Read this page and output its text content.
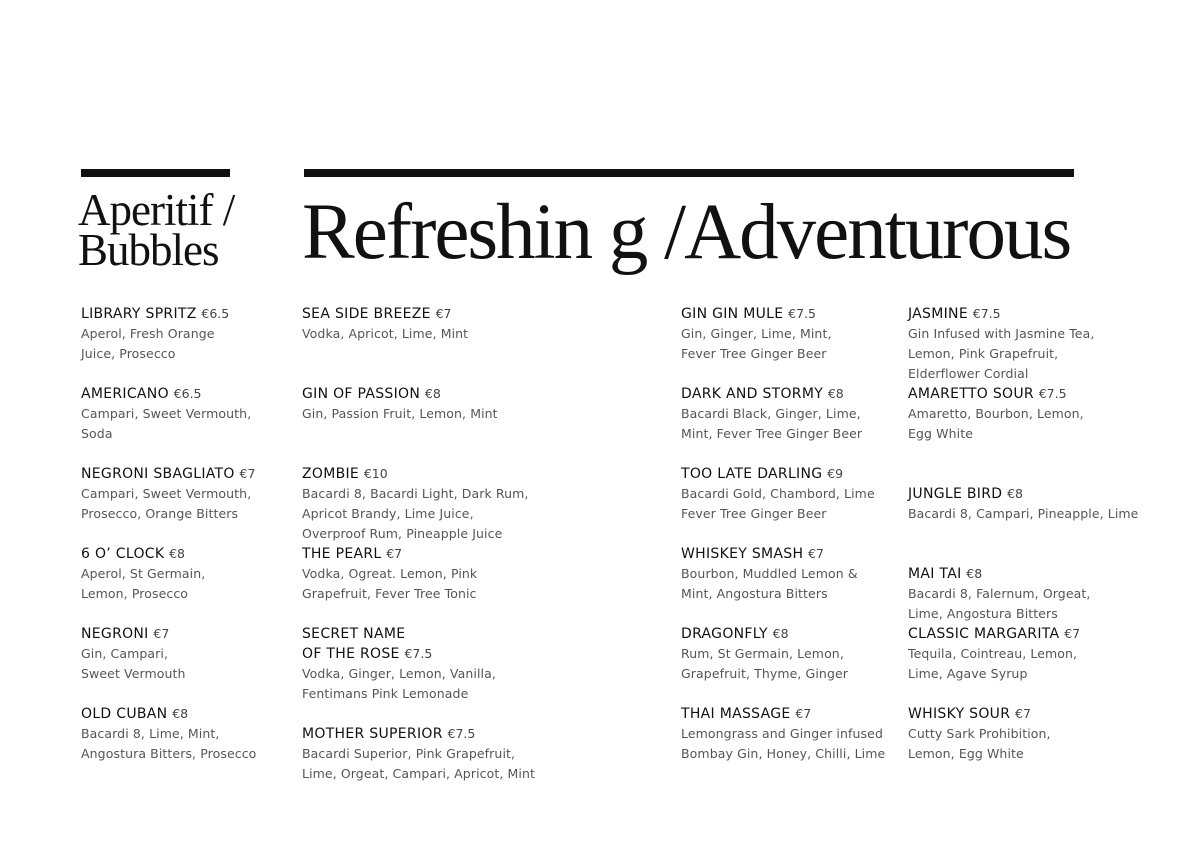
Aperitif /
Bubbles Refreshin g /Adventurous
LIBRARY SPRITZ €6.5
Aperol, Fresh Orange
Juice, Prosecco
AMERICANO €6.5
Campari, Sweet Vermouth,
Soda
NEGRONI SBAGLIATO €7
Campari, Sweet Vermouth,
Prosecco, Orange Bitters
6 O’ CLOCK €8
Aperol, St Germain,
Lemon, Prosecco
NEGRONI €7
Gin, Campari,
Sweet Vermouth
OLD CUBAN €8
Bacardi 8, Lime, Mint,
Angostura Bitters, Prosecco
SEA SIDE BREEZE €7
Vodka, Apricot, Lime, Mint
GIN OF PASSION €8
Gin, Passion Fruit, Lemon, Mint
ZOMBIE €10
Bacardi 8, Bacardi Light, Dark Rum,
Apricot Brandy, Lime Juice,
Overproof Rum, Pineapple Juice
THE PEARL €7
Vodka, Ogreat. Lemon, Pink
Grapefruit, Fever Tree Tonic
SECRET NAME
OF THE ROSE €7.5
Vodka, Ginger, Lemon, Vanilla,
Fentimans Pink Lemonade
MOTHER SUPERIOR €7.5
Bacardi Superior, Pink Grapefruit,
Lime, Orgeat, Campari, Apricot, Mint
GIN GIN MULE €7.5
Gin, Ginger, Lime, Mint,
Fever Tree Ginger Beer
DARK AND STORMY €8
Bacardi Black, Ginger, Lime,
Mint, Fever Tree Ginger Beer
TOO LATE DARLING €9
Bacardi Gold, Chambord, Lime
Fever Tree Ginger Beer
WHISKEY SMASH €7
Bourbon, Muddled Lemon &
Mint, Angostura Bitters
DRAGONFLY €8
Rum, St Germain, Lemon,
Grapefruit, Thyme, Ginger
THAI MASSAGE €7
Lemongrass and Ginger infused
Bombay Gin, Honey, Chilli, Lime
JASMINE €7.5
Gin Infused with Jasmine Tea,
Lemon, Pink Grapefruit,
Elderflower Cordial
AMARETTO SOUR €7.5
Amaretto, Bourbon, Lemon,
Egg White
JUNGLE BIRD €8
Bacardi 8, Campari, Pineapple, Lime
MAI TAI €8
Bacardi 8, Falernum, Orgeat,
Lime, Angostura Bitters
CLASSIC MARGARITA €7
Tequila, Cointreau, Lemon,
Lime, Agave Syrup
WHISKY SOUR €7
Cutty Sark Prohibition,
Lemon, Egg White
